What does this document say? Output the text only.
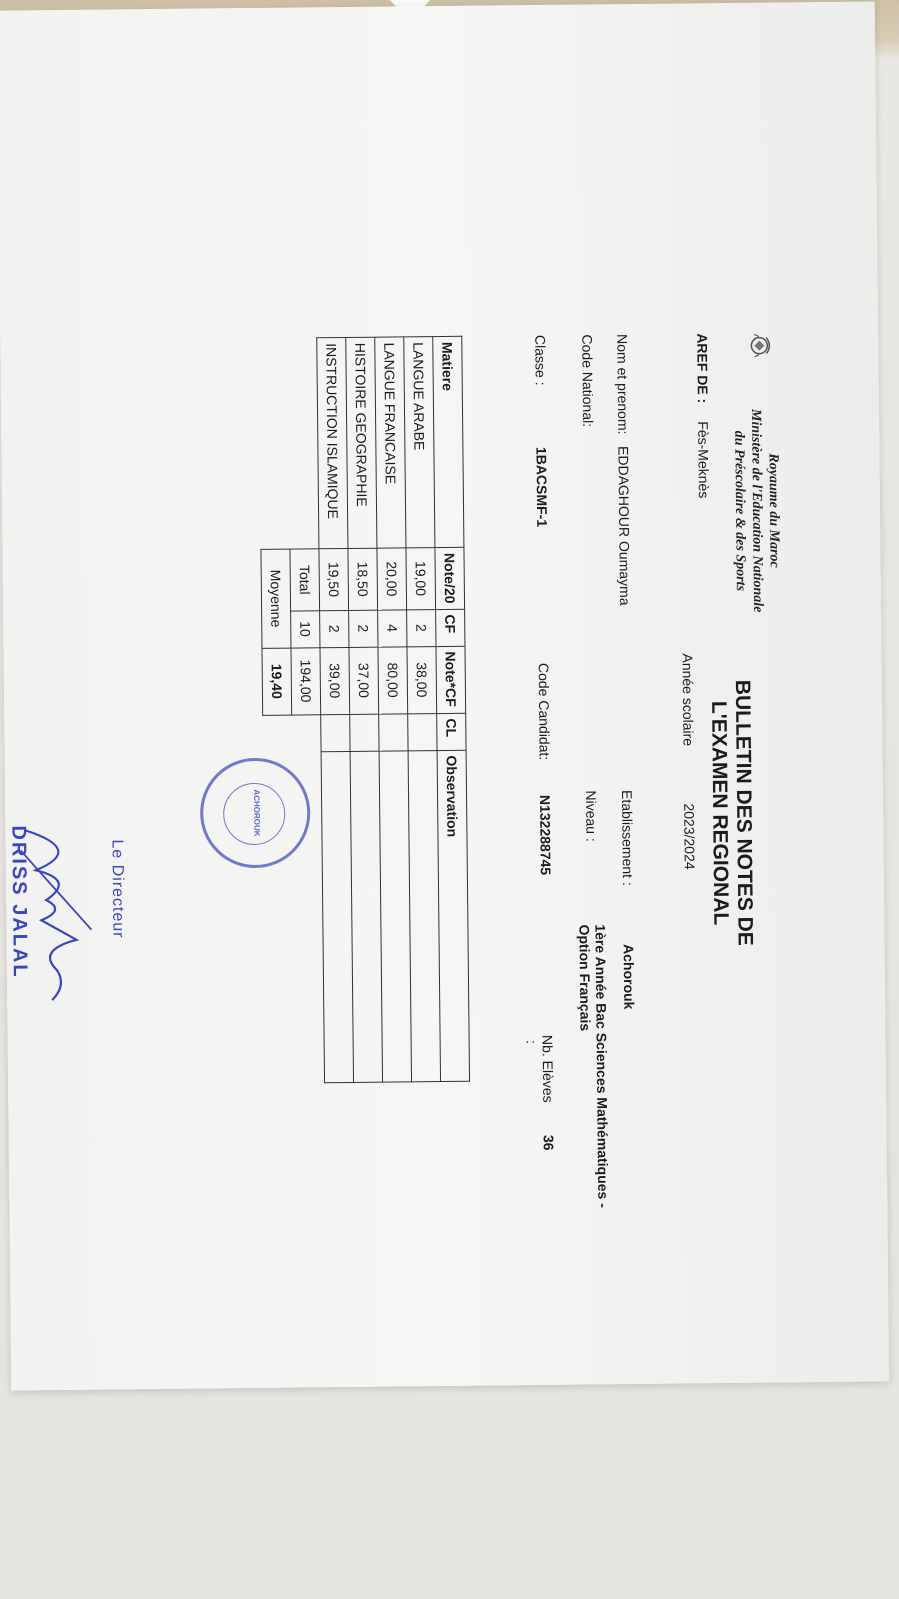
Royaume du Maroc
Ministère de l'Education Nationale
du Préscolaire & des Sports
AREF DE :
Fès-Meknès
BULLETIN DES NOTES DE
L'EXAMEN REGIONAL
Année scolaire
2023/2024
Nom et prenom:
EDDAGHOUR Oumayma
Code National:
Classe :
1BACSMF-1
Etablissement :
Achorouk
Niveau :
1ère Année Bac Sciences Mathématiques -
Option Français
Code Candidat:
N132288745
Nb. Elèves
:
36
Matiere	Note/20	CF	Note*CF	CL	Observation
LANGUE ARABE	19,00	2	38,00		
LANGUE FRANCAISE	20,00	4	80,00		
HISTOIRE GEOGRAPHIE	18,50	2	37,00		
INSTRUCTION ISLAMIQUE	19,50	2	39,00		
	Total	10	194,00		
	Moyenne		19,40		
ACHOROUK
Le Directeur
DRISS JALAL
